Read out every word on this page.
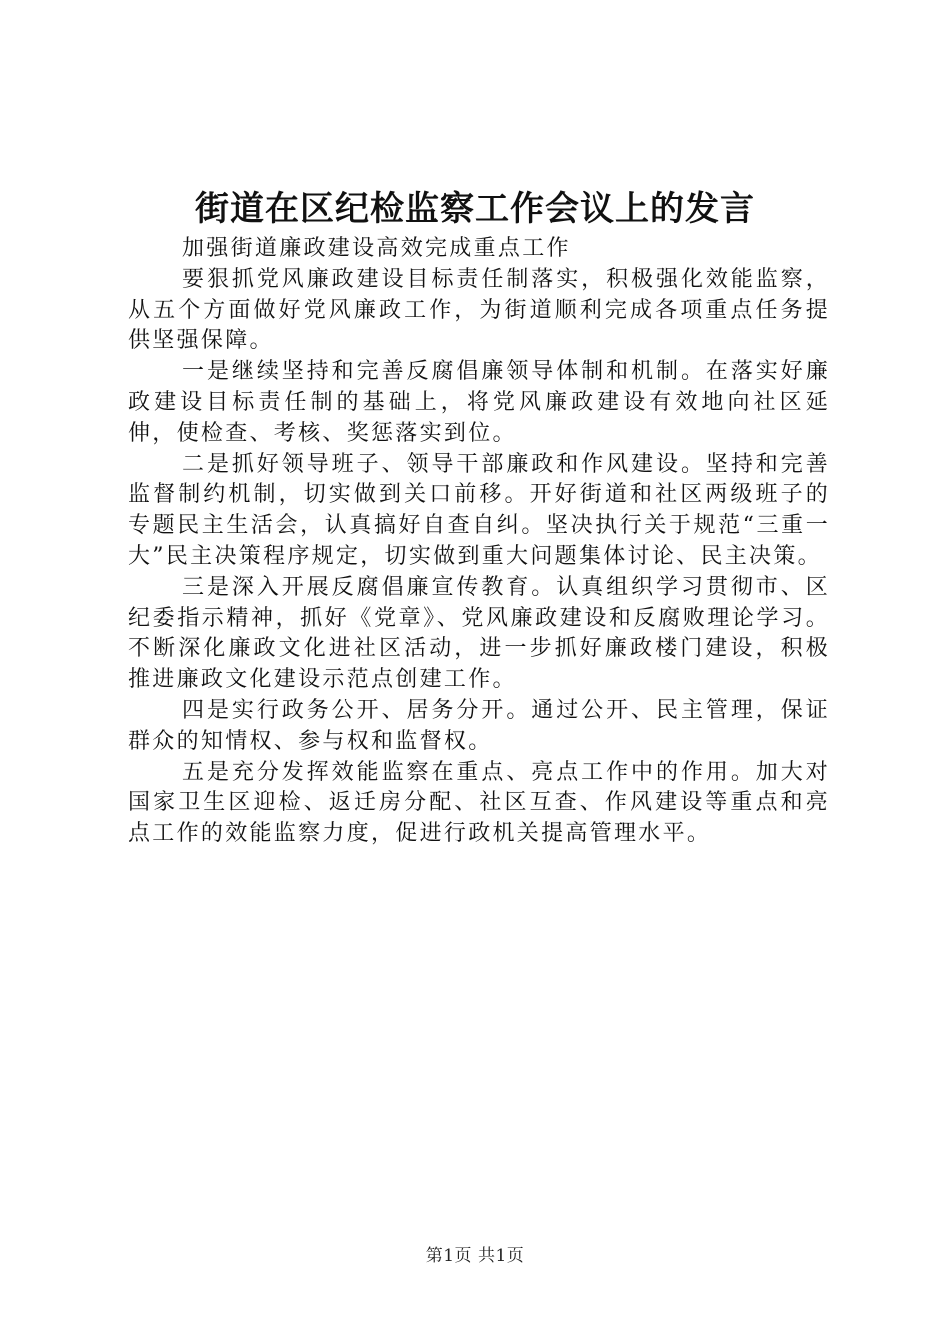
街道在区纪检监察工作会议上的发言

加强街道廉政建设高效完成重点工作

要狠抓党风廉政建设目标责任制落实，积极强化效能监察，从五个方面做好党风廉政工作，为街道顺利完成各项重点任务提供坚强保障。

一是继续坚持和完善反腐倡廉领导体制和机制。在落实好廉政建设目标责任制的基础上，将党风廉政建设有效地向社区延伸，使检查、考核、奖惩落实到位。

二是抓好领导班子、领导干部廉政和作风建设。坚持和完善监督制约机制，切实做到关口前移。开好街道和社区两级班子的专题民主生活会，认真搞好自查自纠。坚决执行关于规范“三重一大”民主决策程序规定，切实做到重大问题集体讨论、民主决策。

三是深入开展反腐倡廉宣传教育。认真组织学习贯彻市、区纪委指示精神，抓好《党章》、党风廉政建设和反腐败理论学习。不断深化廉政文化进社区活动，进一步抓好廉政楼门建设，积极推进廉政文化建设示范点创建工作。

四是实行政务公开、居务分开。通过公开、民主管理，保证群众的知情权、参与权和监督权。

五是充分发挥效能监察在重点、亮点工作中的作用。加大对国家卫生区迎检、返迁房分配、社区互查、作风建设等重点和亮点工作的效能监察力度，促进行政机关提高管理水平。

第1页 共1页
